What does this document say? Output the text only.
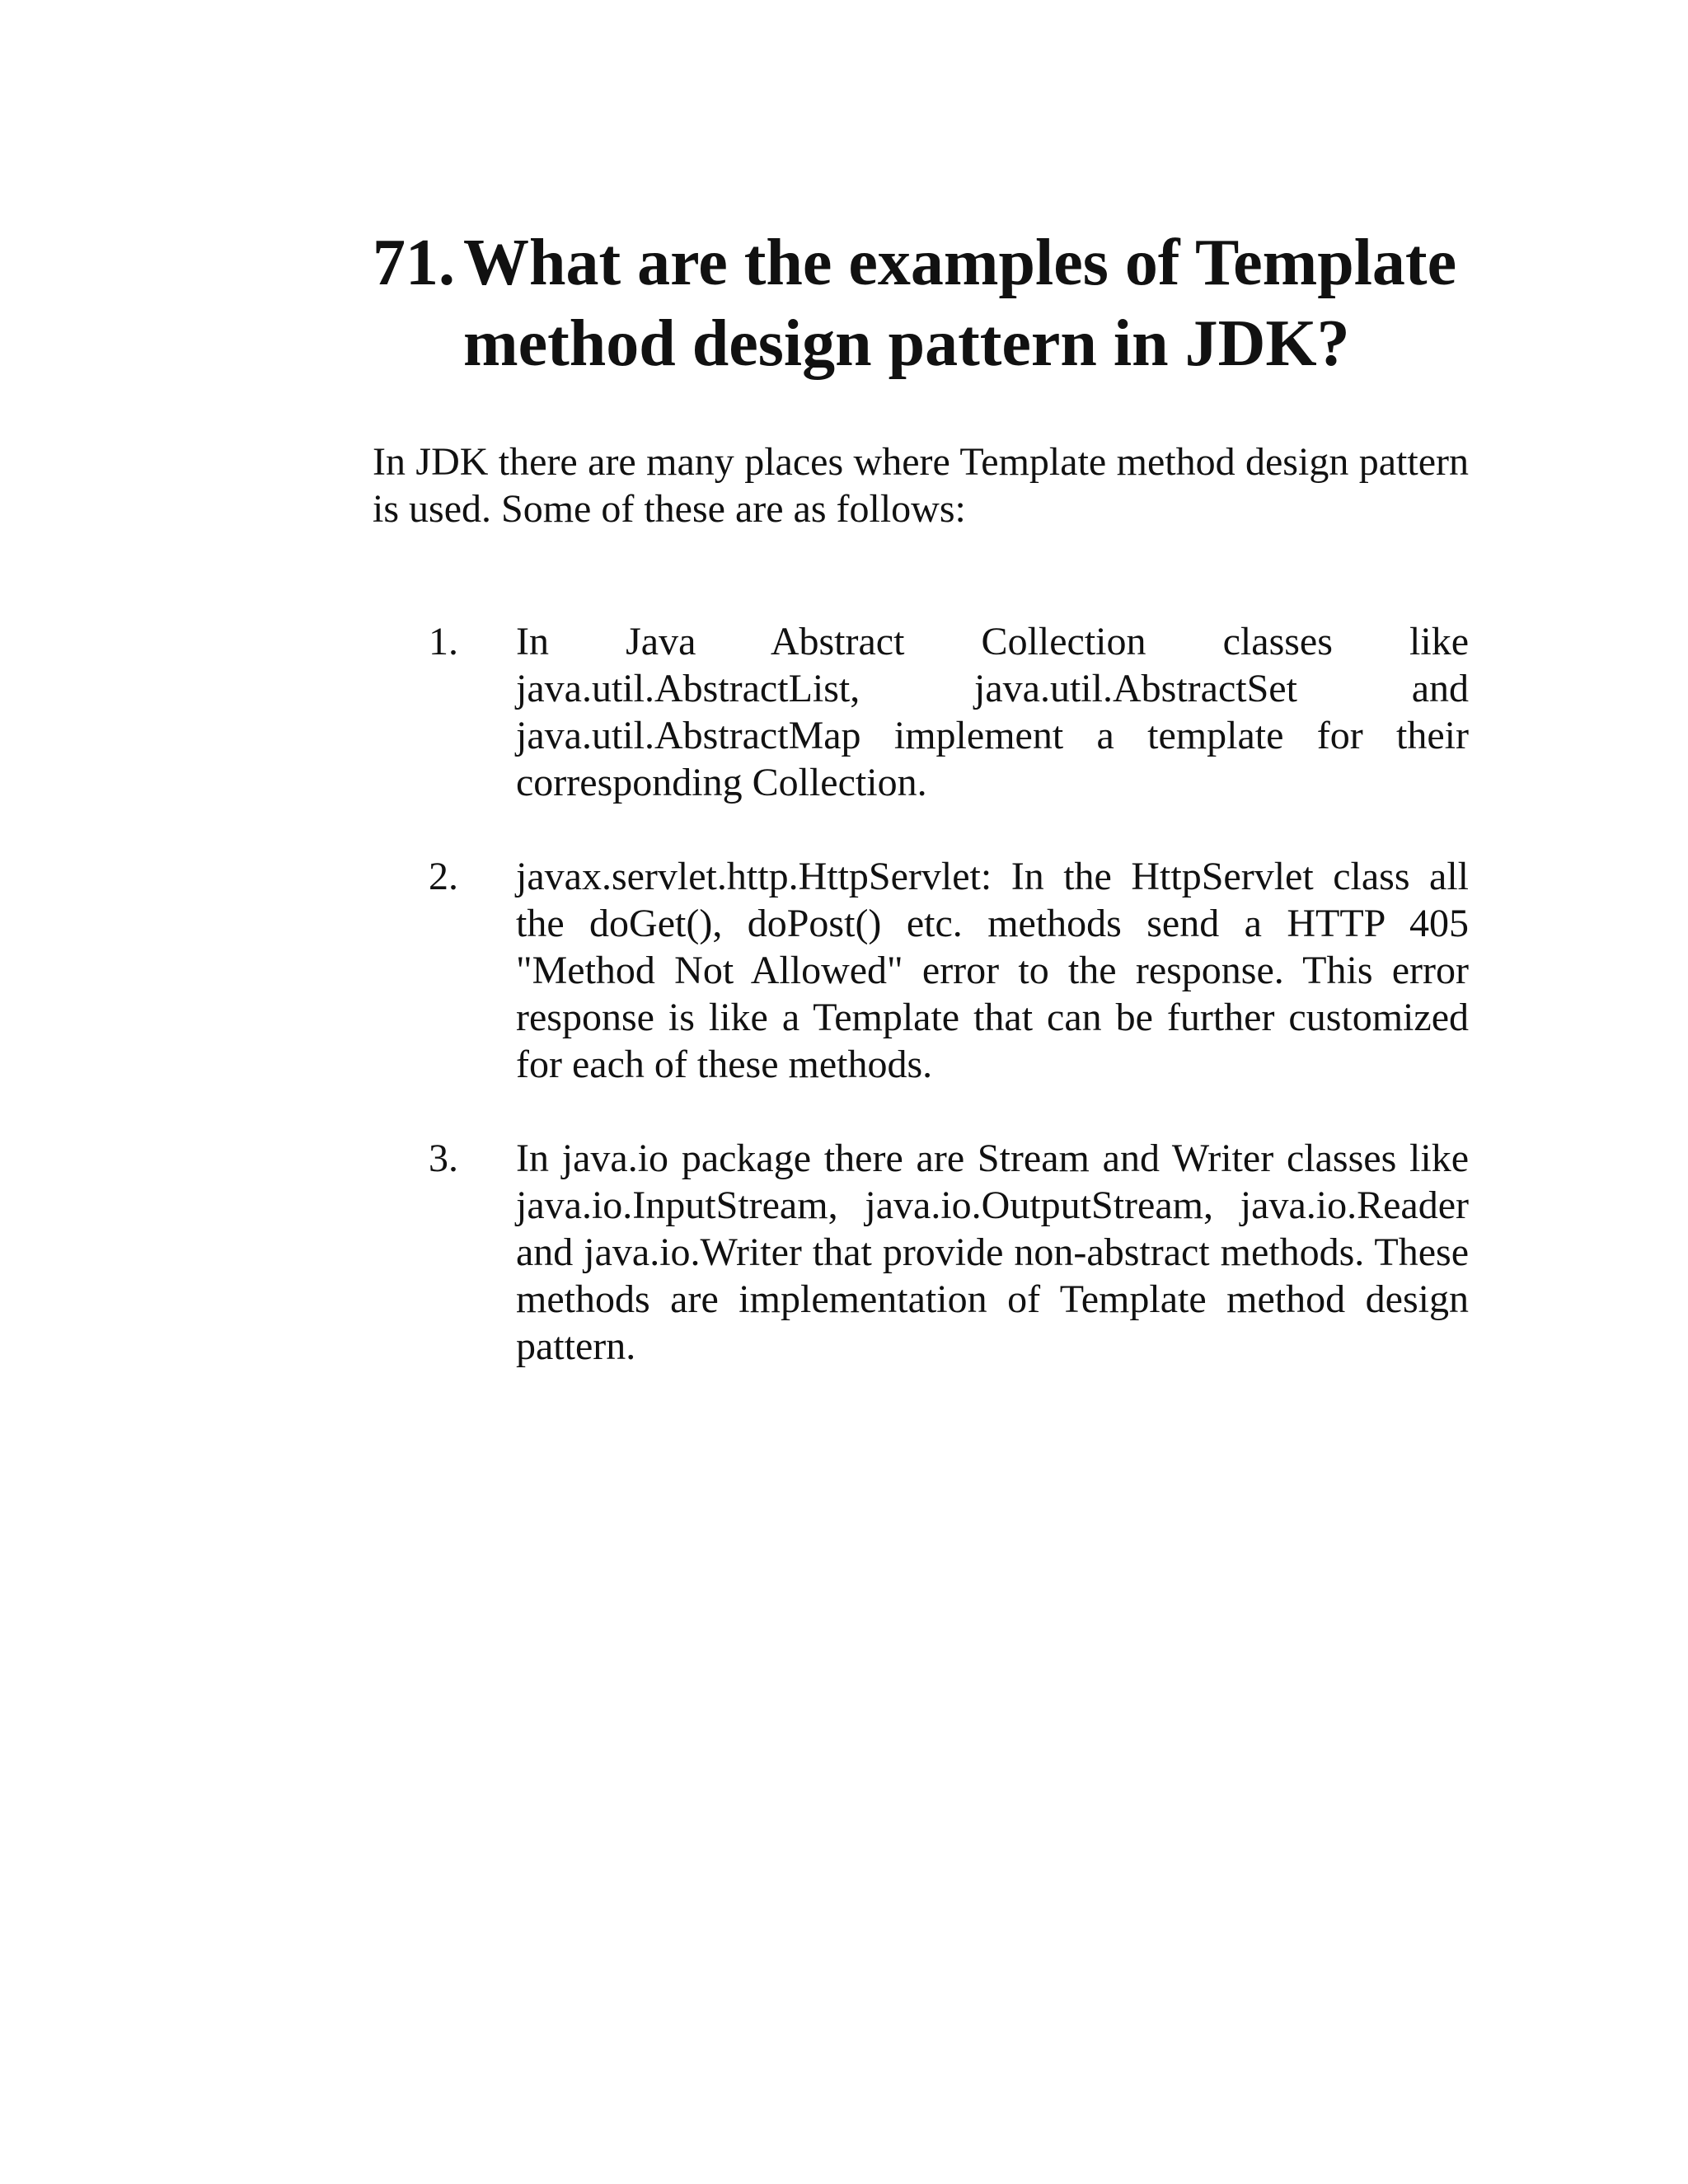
71. What are the examples of Template method design pattern in JDK?

In JDK there are many places where Template method design pattern is used. Some of these are as follows:

1.	In Java Abstract Collection classes like java.util.AbstractList, java.util.AbstractSet and java.util.AbstractMap implement a template for their corresponding Collection.
2.	javax.servlet.http.HttpServlet: In the HttpServlet class all the doGet(), doPost() etc. methods send a HTTP 405 "Method Not Allowed" error to the response. This error response is like a Template that can be further customized for each of these methods.
3.	In java.io package there are Stream and Writer classes like java.io.InputStream, java.io.OutputStream, java.io.Reader and java.io.Writer that provide non-abstract methods. These methods are implementation of Template method design pattern.
